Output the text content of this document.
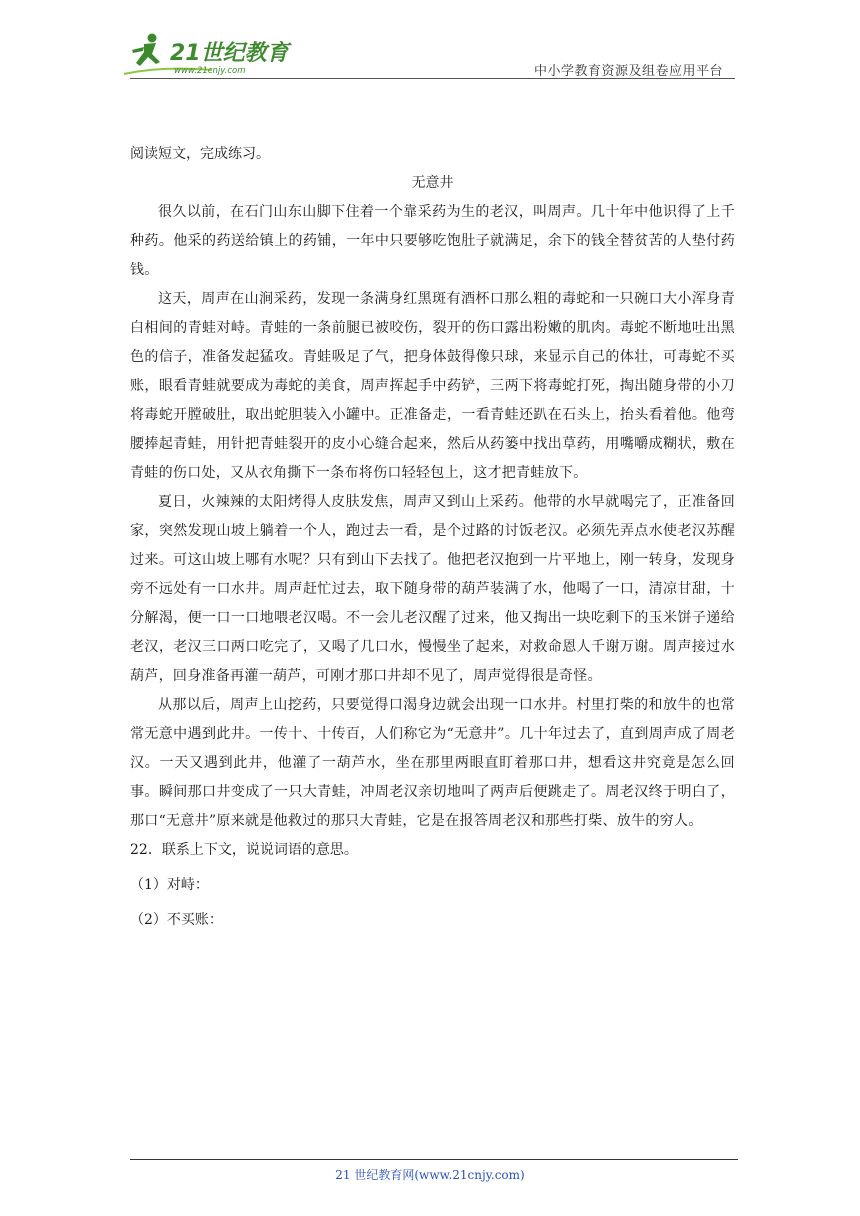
21世纪教育
www.21cnjy.com	中小学教育资源及组卷应用平台

阅读短文，完成练习。

无意井

很久以前，在石门山东山脚下住着一个靠采药为生的老汉，叫周声。几十年中他识得了上千种药。他采的药送给镇上的药铺，一年中只要够吃饱肚子就满足，余下的钱全替贫苦的人垫付药钱。

这天，周声在山涧采药，发现一条满身红黑斑有酒杯口那么粗的毒蛇和一只碗口大小浑身青白相间的青蛙对峙。青蛙的一条前腿已被咬伤，裂开的伤口露出粉嫩的肌肉。毒蛇不断地吐出黑色的信子，准备发起猛攻。青蛙吸足了气，把身体鼓得像只球，来显示自己的体壮，可毒蛇不买账，眼看青蛙就要成为毒蛇的美食，周声挥起手中药铲，三两下将毒蛇打死，掏出随身带的小刀将毒蛇开膛破肚，取出蛇胆装入小罐中。正准备走，一看青蛙还趴在石头上，抬头看着他。他弯腰捧起青蛙，用针把青蛙裂开的皮小心缝合起来，然后从药篓中找出草药，用嘴嚼成糊状，敷在青蛙的伤口处，又从衣角撕下一条布将伤口轻轻包上，这才把青蛙放下。

夏日，火辣辣的太阳烤得人皮肤发焦，周声又到山上采药。他带的水早就喝完了，正准备回家，突然发现山坡上躺着一个人，跑过去一看，是个过路的讨饭老汉。必须先弄点水使老汉苏醒过来。可这山坡上哪有水呢？只有到山下去找了。他把老汉抱到一片平地上，刚一转身，发现身旁不远处有一口水井。周声赶忙过去，取下随身带的葫芦装满了水，他喝了一口，清凉甘甜，十分解渴，便一口一口地喂老汉喝。不一会儿老汉醒了过来，他又掏出一块吃剩下的玉米饼子递给老汉，老汉三口两口吃完了，又喝了几口水，慢慢坐了起来，对救命恩人千谢万谢。周声接过水葫芦，回身准备再灌一葫芦，可刚才那口井却不见了，周声觉得很是奇怪。

从那以后，周声上山挖药，只要觉得口渴身边就会出现一口水井。村里打柴的和放牛的也常常无意中遇到此井。一传十、十传百，人们称它为“无意井”。几十年过去了，直到周声成了周老汉。一天又遇到此井，他灌了一葫芦水，坐在那里两眼直盯着那口井，想看这井究竟是怎么回事。瞬间那口井变成了一只大青蛙，冲周老汉亲切地叫了两声后便跳走了。周老汉终于明白了，那口“无意井”原来就是他救过的那只大青蛙，它是在报答周老汉和那些打柴、放牛的穷人。

22．联系上下文，说说词语的意思。

（1）对峙：

（2）不买账：

21 世纪教育网(www.21cnjy.com)
